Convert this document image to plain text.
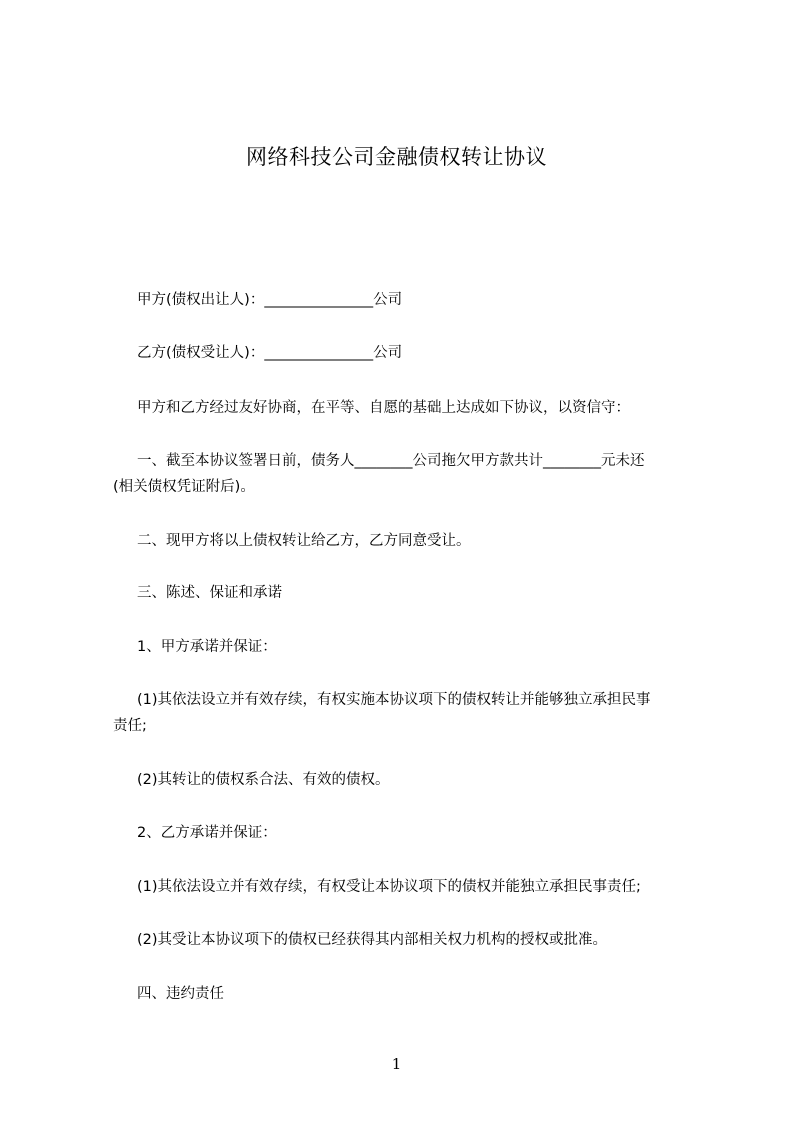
网络科技公司金融债权转让协议
甲方(债权出让人)：_______________公司
乙方(债权受让人)：_______________公司
甲方和乙方经过友好协商，在平等、自愿的基础上达成如下协议，以资信守：
一、截至本协议签署日前，债务人________公司拖欠甲方款共计________元未还
(相关债权凭证附后)。
二、现甲方将以上债权转让给乙方，乙方同意受让。
三、陈述、保证和承诺
1、甲方承诺并保证：
(1)其依法设立并有效存续，有权实施本协议项下的债权转让并能够独立承担民事
责任;
(2)其转让的债权系合法、有效的债权。
2、乙方承诺并保证：
(1)其依法设立并有效存续，有权受让本协议项下的债权并能独立承担民事责任;
(2)其受让本协议项下的债权已经获得其内部相关权力机构的授权或批准。
四、违约责任
1
